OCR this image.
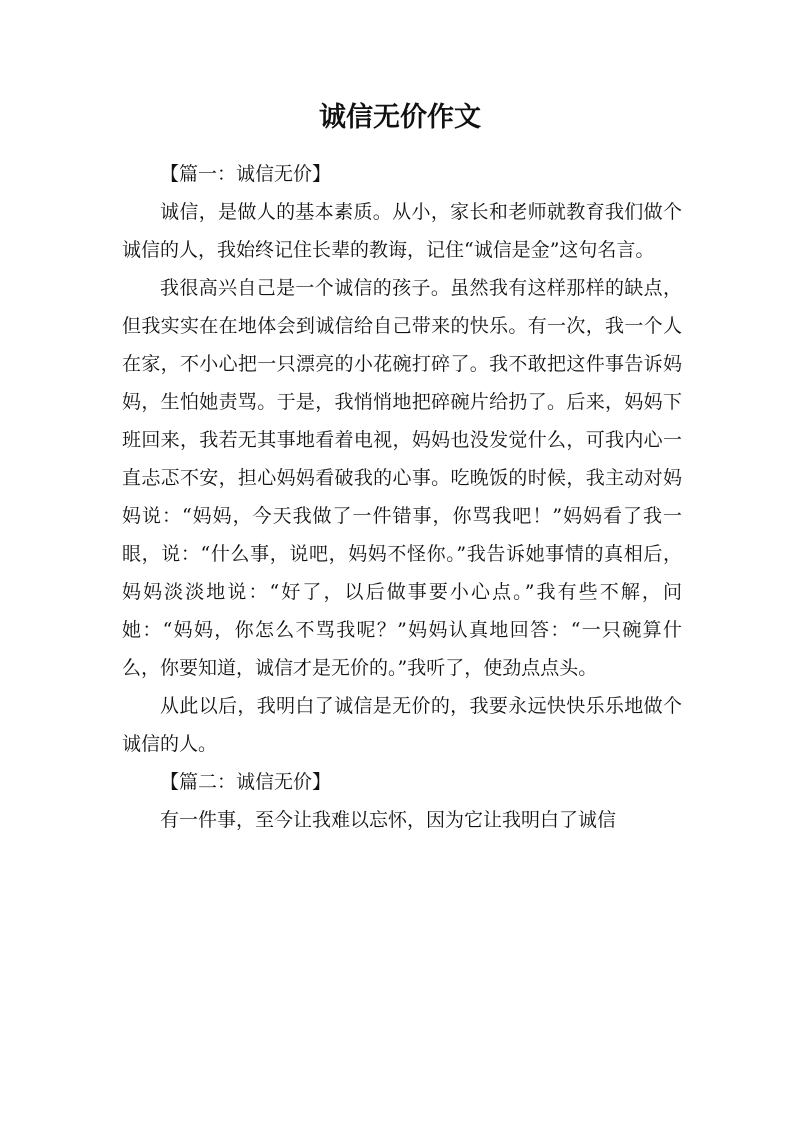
诚信无价作文

【篇一：诚信无价】

诚信，是做人的基本素质。从小，家长和老师就教育我们做个诚信的人，我始终记住长辈的教诲，记住“诚信是金”这句名言。

我很高兴自己是一个诚信的孩子。虽然我有这样那样的缺点，但我实实在在地体会到诚信给自己带来的快乐。有一次，我一个人在家，不小心把一只漂亮的小花碗打碎了。我不敢把这件事告诉妈妈，生怕她责骂。于是，我悄悄地把碎碗片给扔了。后来，妈妈下班回来，我若无其事地看着电视，妈妈也没发觉什么，可我内心一直忐忑不安，担心妈妈看破我的心事。吃晚饭的时候，我主动对妈妈说：“妈妈，今天我做了一件错事，你骂我吧！”妈妈看了我一眼，说：“什么事，说吧，妈妈不怪你。”我告诉她事情的真相后，妈妈淡淡地说：“好了，以后做事要小心点。”我有些不解，问她：“妈妈，你怎么不骂我呢？”妈妈认真地回答：“一只碗算什么，你要知道，诚信才是无价的。”我听了，使劲点点头。

从此以后，我明白了诚信是无价的，我要永远快快乐乐地做个诚信的人。

【篇二：诚信无价】

有一件事，至今让我难以忘怀，因为它让我明白了诚信
